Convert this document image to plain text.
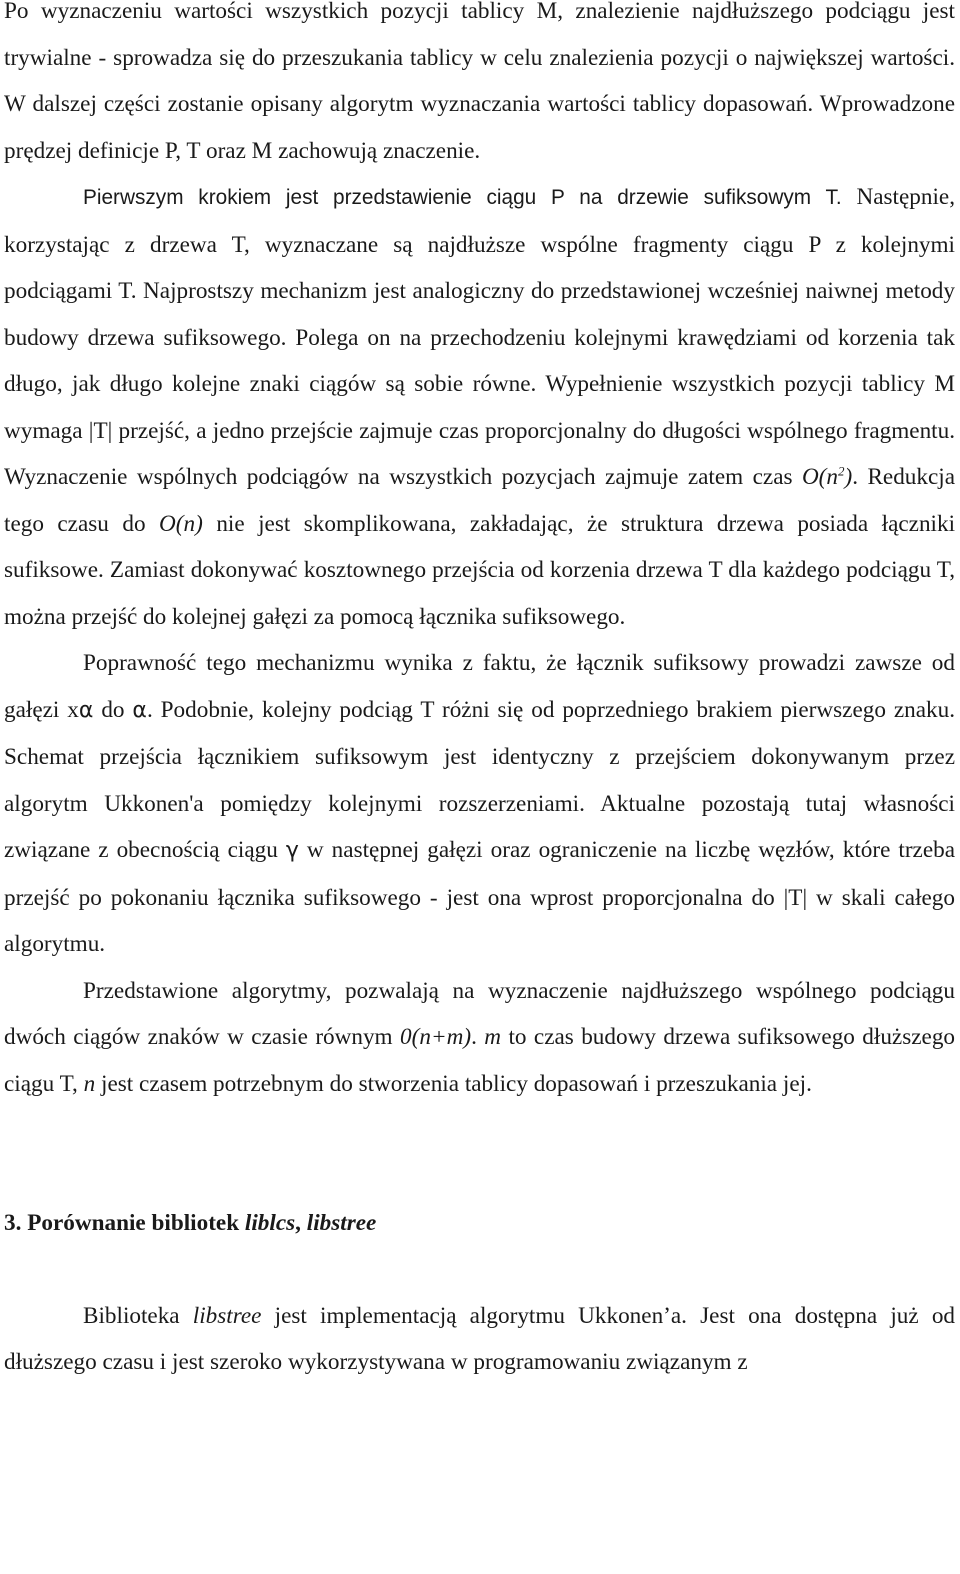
Po wyznaczeniu wartości wszystkich pozycji tablicy M, znalezienie najdłuższego podciągu jest trywialne - sprowadza się do przeszukania tablicy w celu znalezienia pozycji o największej wartości. W dalszej części zostanie opisany algorytm wyznaczania wartości tablicy dopasowań. Wprowadzone prędzej definicje P, T oraz M zachowują znaczenie.

Pierwszym krokiem jest przedstawienie ciągu P na drzewie sufiksowym T. Następnie, korzystając z drzewa T, wyznaczane są najdłuższe wspólne fragmenty ciągu P z kolejnymi podciągami T. Najprostszy mechanizm jest analogiczny do przedstawionej wcześniej naiwnej metody budowy drzewa sufiksowego. Polega on na przechodzeniu kolejnymi krawędziami od korzenia tak długo, jak długo kolejne znaki ciągów są sobie równe. Wypełnienie wszystkich pozycji tablicy M wymaga |T| przejść, a jedno przejście zajmuje czas proporcjonalny do długości wspólnego fragmentu. Wyznaczenie wspólnych podciągów na wszystkich pozycjach zajmuje zatem czas $O(n^2)$. Redukcja tego czasu do O(n) nie jest skomplikowana, zakładając, że struktura drzewa posiada łączniki sufiksowe. Zamiast dokonywać kosztownego przejścia od korzenia drzewa T dla każdego podciągu T, można przejść do kolejnej gałęzi za pomocą łącznika sufiksowego.

Poprawność tego mechanizmu wynika z faktu, że łącznik sufiksowy prowadzi zawsze od gałęzi xα do α. Podobnie, kolejny podciąg T różni się od poprzedniego brakiem pierwszego znaku. Schemat przejścia łącznikiem sufiksowym jest identyczny z przejściem dokonywanym przez algorytm Ukkonen'a pomiędzy kolejnymi rozszerzeniami. Aktualne pozostają tutaj własności związane z obecnością ciągu γ w następnej gałęzi oraz ograniczenie na liczbę węzłów, które trzeba przejść po pokonaniu łącznika sufiksowego - jest ona wprost proporcjonalna do |T| w skali całego algorytmu.

Przedstawione algorytmy, pozwalają na wyznaczenie najdłuższego wspólnego podciągu dwóch ciągów znaków w czasie równym 0(n+m). m to czas budowy drzewa sufiksowego dłuższego ciągu T, n jest czasem potrzebnym do stworzenia tablicy dopasowań i przeszukania jej.

3. Porównanie bibliotek liblcs, libstree

Biblioteka libstree jest implementacją algorytmu Ukkonen’a. Jest ona dostępna już od dłuższego czasu i jest szeroko wykorzystywana w programowaniu związanym z
